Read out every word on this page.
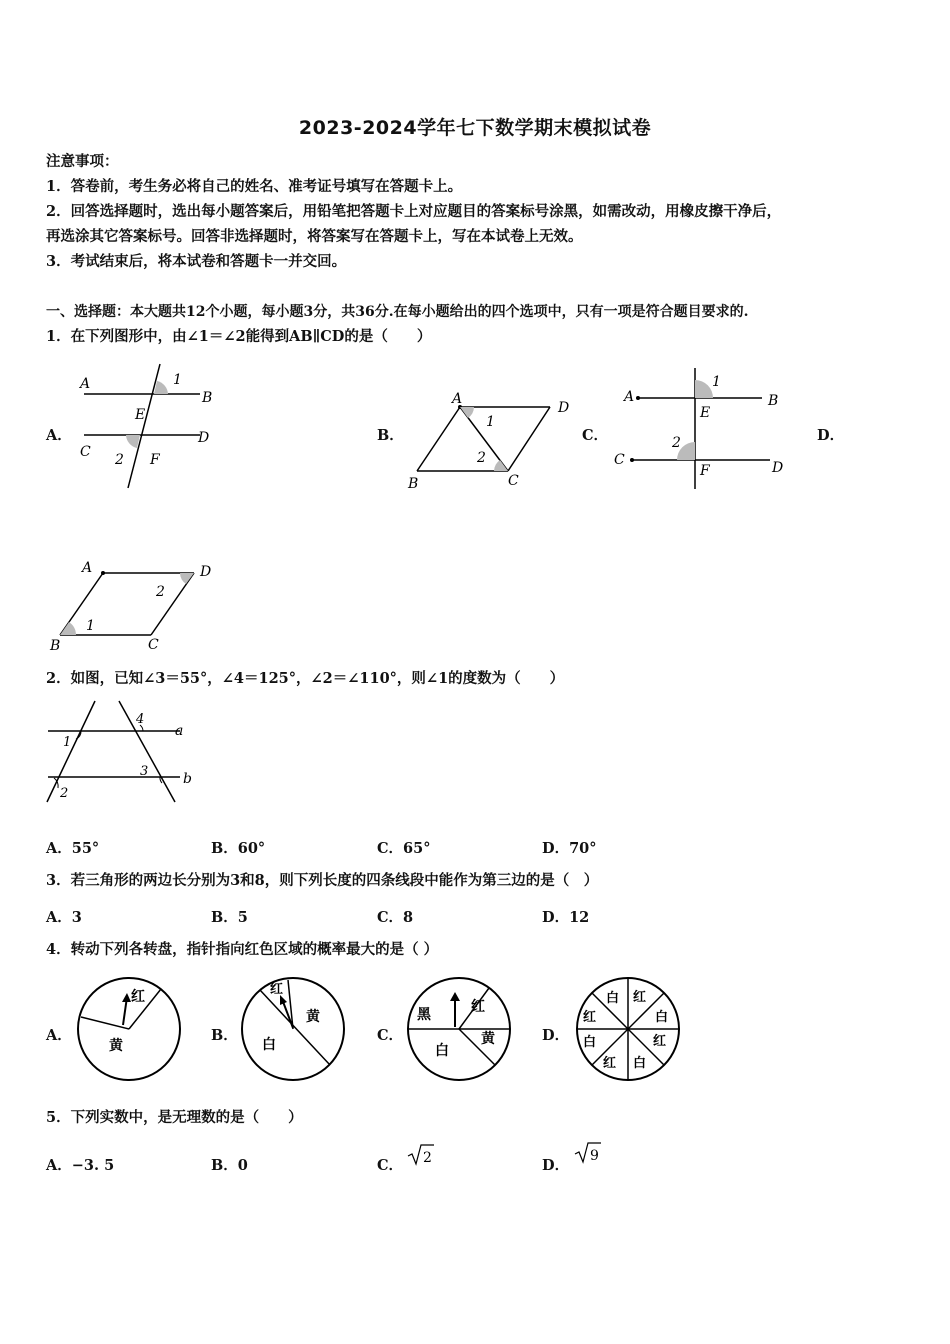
2023-2024学年七下数学期末模拟试卷
注意事项：
1．答卷前，考生务必将自己的姓名、准考证号填写在答题卡上。
2．回答选择题时，选出每小题答案后，用铅笔把答题卡上对应题目的答案标号涂黑，如需改动，用橡皮擦干净后，
再选涂其它答案标号。回答非选择题时，将答案写在答题卡上，写在本试卷上无效。
3．考试结束后，将本试卷和答题卡一并交回。
一、选择题：本大题共12个小题，每小题3分，共36分.在每小题给出的四个选项中，只有一项是符合题目要求的.
1．在下列图形中，由∠1＝∠2能得到AB∥CD的是（　　）
A．
A
B
1
E
C
D
2 F
B．
A
D
1
2
B	C
C．
A	B
1
E
2
C
F	D
D．
A	D
2
1
B	C
2．如图，已知∠3＝55°，∠4＝125°，∠2＝∠110°，则∠1的度数为（　　）
a
b
1
2
3
4
A．55°	B．60°	C．65°	D．70°
3．若三角形的两边长分别为3和8，则下列长度的四条线段中能作为第三边的是（　）
A．3	B．5	C．8	D．12
4．转动下列各转盘，指针指向红色区域的概率最大的是（ ）
A．
红
黄
B．
红
黄
白
C．
黑	红
黄
白
D．
白 红
红	白
白	红
红 白
5．下列实数中，是无理数的是（　　）
A．−3. 5	B．0	C． 2	D．
9
